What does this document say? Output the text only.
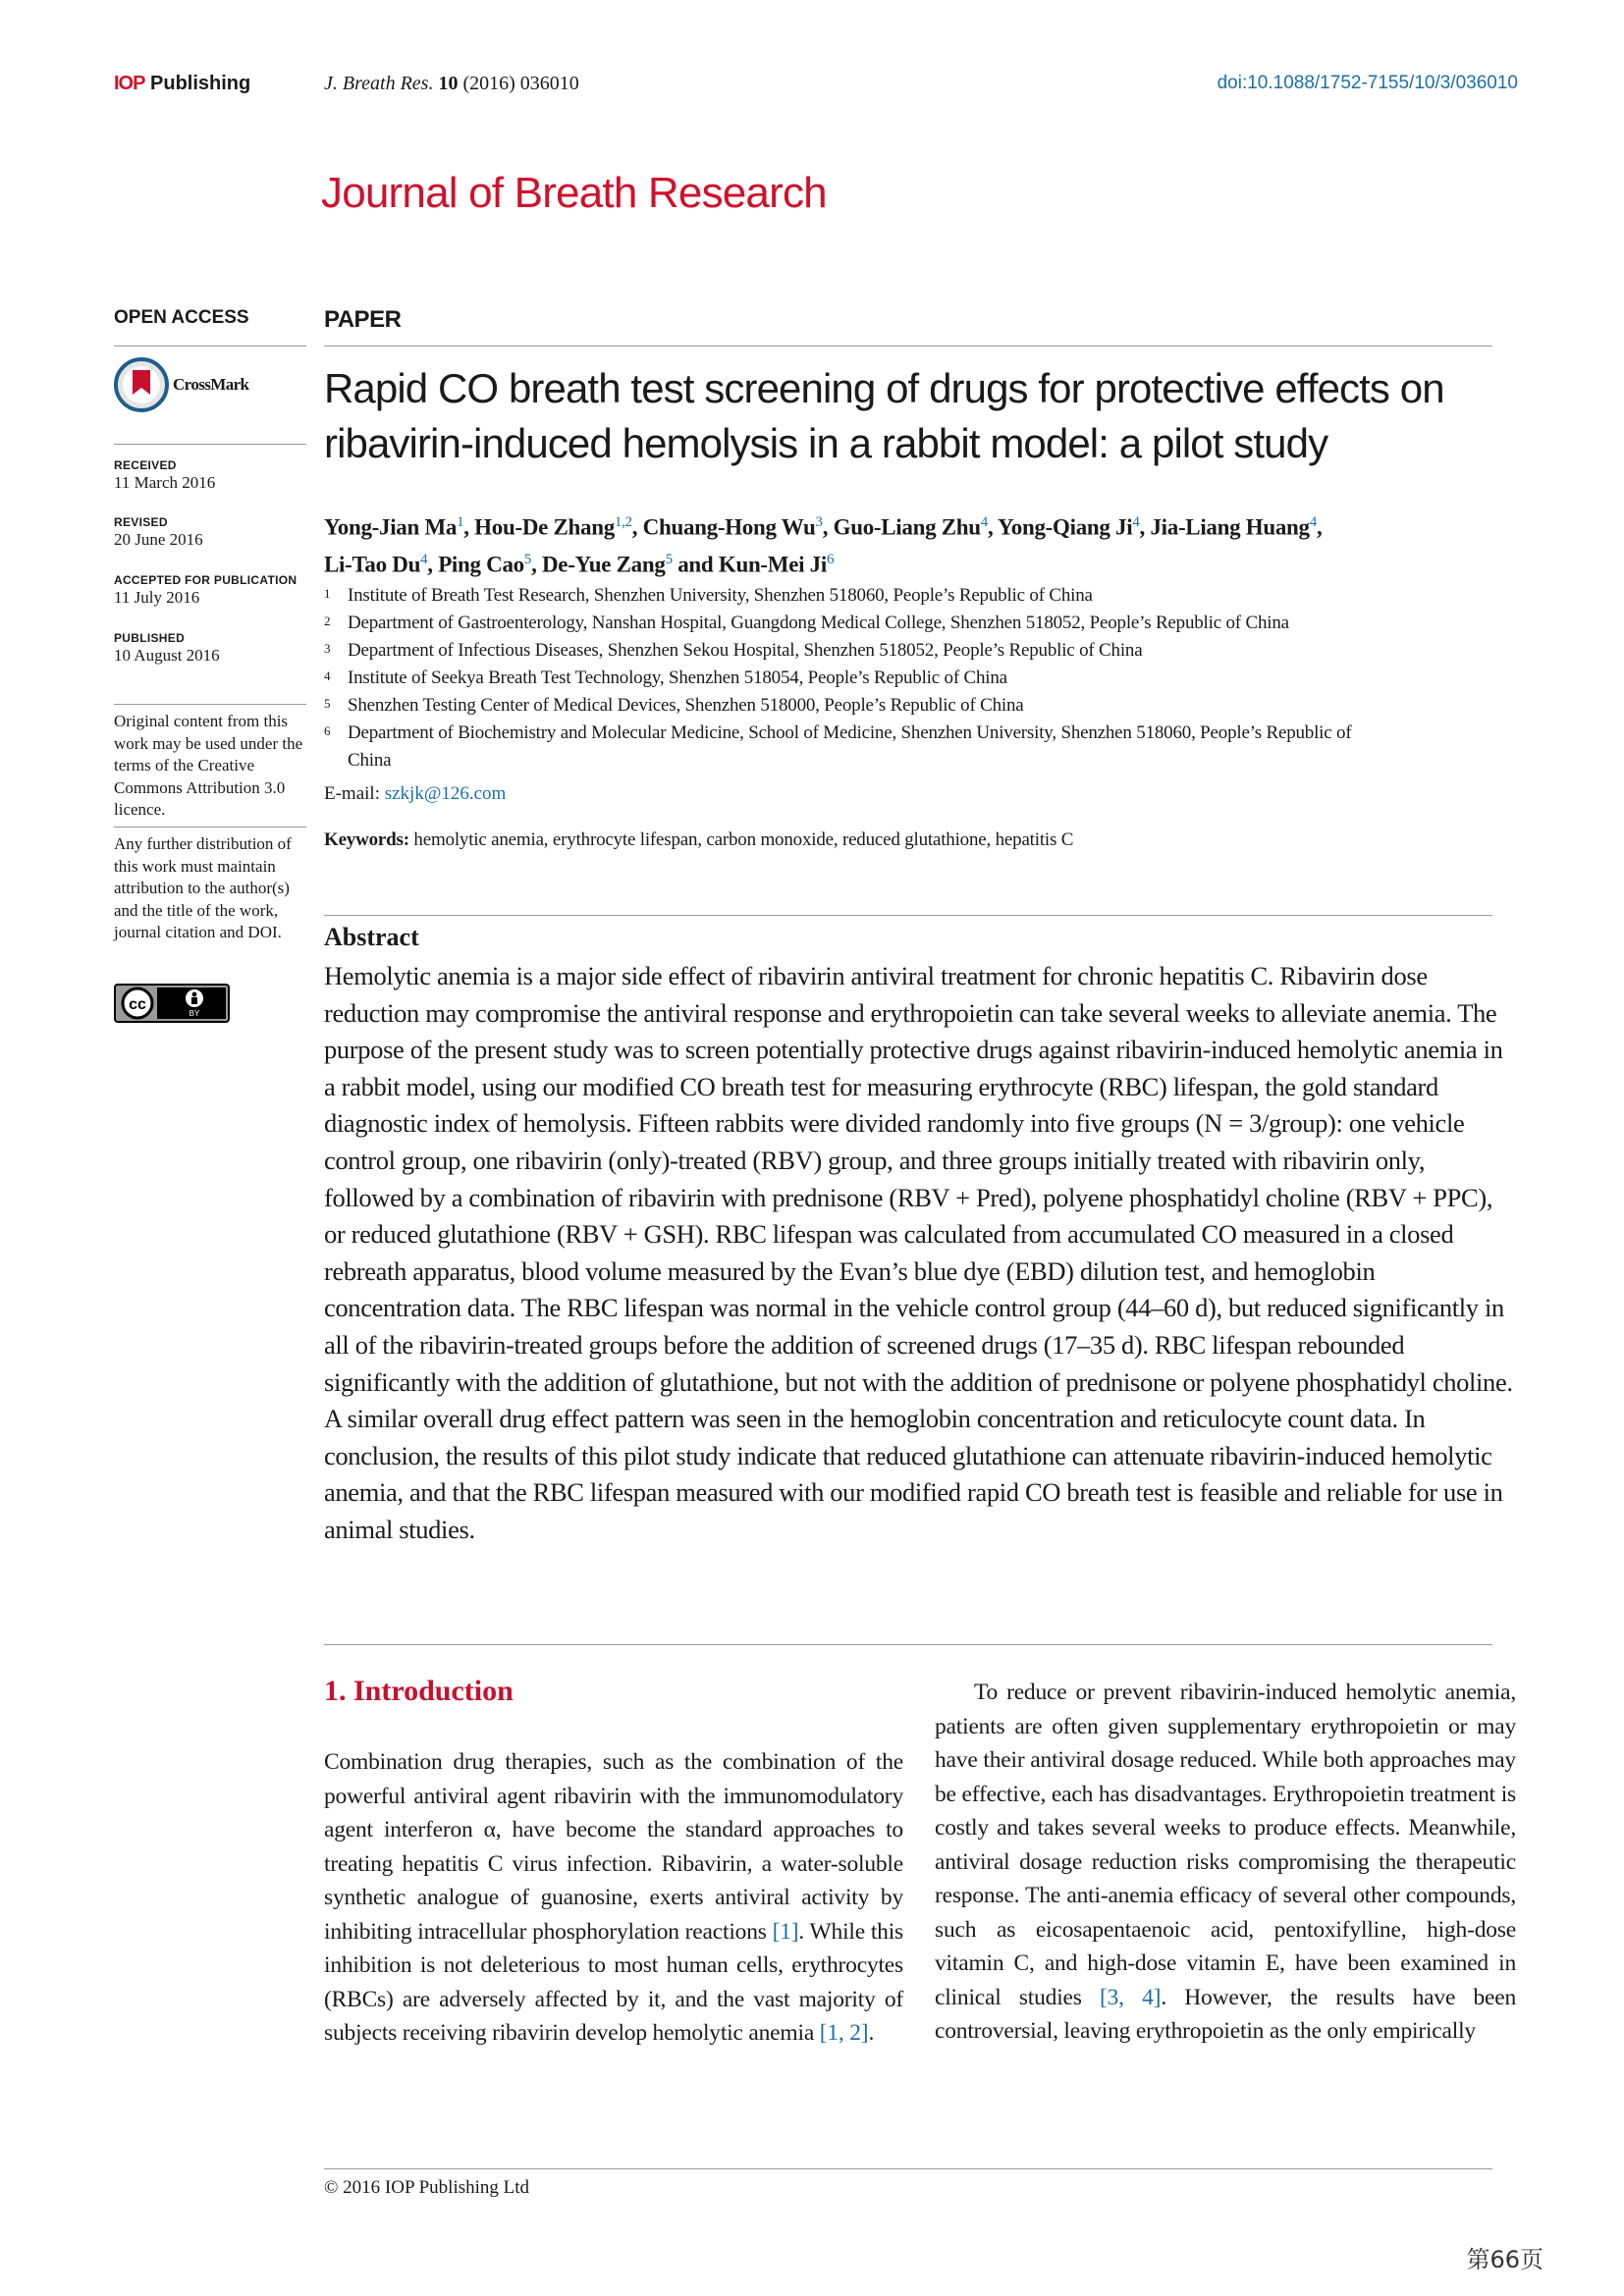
IOP Publishing	J. Breath Res. 10 (2016) 036010	doi:10.1088/1752-7155/10/3/036010
Journal of Breath Research
OPEN ACCESS
CrossMark
RECEIVED
11 March 2016
REVISED
20 June 2016
ACCEPTED FOR PUBLICATION
11 July 2016
PUBLISHED
10 August 2016
Original content from this work may be used under the terms of the Creative Commons Attribution 3.0 licence.
Any further distribution of this work must maintain attribution to the author(s) and the title of the work, journal citation and DOI.
cc
BY
PAPER
Rapid CO breath test screening of drugs for protective effects on ribavirin-induced hemolysis in a rabbit model: a pilot study
Yong-Jian Ma$^1$, Hou-De Zhang$^{1,2}$, Chuang-Hong Wu$^3$, Guo-Liang Zhu$^4$, Yong-Qiang Ji$^4$, Jia-Liang Huang$^4$,
Li-Tao Du$^4$, Ping Cao$^5$, De-Yue Zang$^5$ and Kun-Mei Ji$^6$
1 Institute of Breath Test Research, Shenzhen University, Shenzhen 518060, People’s Republic of China
2 Department of Gastroenterology, Nanshan Hospital, Guangdong Medical College, Shenzhen 518052, People’s Republic of China
3 Department of Infectious Diseases, Shenzhen Sekou Hospital, Shenzhen 518052, People’s Republic of China
4 Institute of Seekya Breath Test Technology, Shenzhen 518054, People’s Republic of China
5 Shenzhen Testing Center of Medical Devices, Shenzhen 518000, People’s Republic of China
6 Department of Biochemistry and Molecular Medicine, School of Medicine, Shenzhen University, Shenzhen 518060, People’s Republic of China
E-mail: szkjk@126.com
Keywords: hemolytic anemia, erythrocyte lifespan, carbon monoxide, reduced glutathione, hepatitis C
Abstract
Hemolytic anemia is a major side effect of ribavirin antiviral treatment for chronic hepatitis C. Ribavirin dose reduction may compromise the antiviral response and erythropoietin can take several weeks to alleviate anemia. The purpose of the present study was to screen potentially protective drugs against ribavirin-induced hemolytic anemia in a rabbit model, using our modified CO breath test for measuring erythrocyte (RBC) lifespan, the gold standard diagnostic index of hemolysis. Fifteen rabbits were divided randomly into five groups (N = 3/group): one vehicle control group, one ribavirin (only)-treated (RBV) group, and three groups initially treated with ribavirin only, followed by a combination of ribavirin with prednisone (RBV + Pred), polyene phosphatidyl choline (RBV + PPC), or reduced glutathione (RBV + GSH). RBC lifespan was calculated from accumulated CO measured in a closed rebreath apparatus, blood volume measured by the Evan’s blue dye (EBD) dilution test, and hemoglobin concentration data. The RBC lifespan was normal in the vehicle control group (44–60 d), but reduced significantly in all of the ribavirin-treated groups before the addition of screened drugs (17–35 d). RBC lifespan rebounded significantly with the addition of glutathione, but not with the addition of prednisone or polyene phosphatidyl choline. A similar overall drug effect pattern was seen in the hemoglobin concentration and reticulocyte count data. In conclusion, the results of this pilot study indicate that reduced glutathione can attenuate ribavirin-induced hemolytic anemia, and that the RBC lifespan measured with our modified rapid CO breath test is feasible and reliable for use in animal studies.
1. Introduction
Combination drug therapies, such as the combination of the powerful antiviral agent ribavirin with the immunomodulatory agent interferon α, have become the standard approaches to treating hepatitis C virus infection. Ribavirin, a water-soluble synthetic analogue of guanosine, exerts antiviral activity by inhibiting intracellular phosphorylation reactions [1]. While this inhibition is not deleterious to most human cells, erythrocytes (RBCs) are adversely affected by it, and the vast majority of subjects receiving ribavirin develop hemolytic anemia [1, 2].
To reduce or prevent ribavirin-induced hemolytic anemia, patients are often given supplementary erythropoietin or may have their antiviral dosage reduced. While both approaches may be effective, each has disadvantages. Erythropoietin treatment is costly and takes several weeks to produce effects. Meanwhile, antiviral dosage reduction risks compromising the therapeutic response. The anti-anemia efficacy of several other compounds, such as eicosapentaenoic acid, pentoxifylline, high-dose vitamin C, and high-dose vitamin E, have been examined in clinical studies [3, 4]. However, the results have been controversial, leaving erythropoietin as the only empirically
© 2016 IOP Publishing Ltd
第66页
